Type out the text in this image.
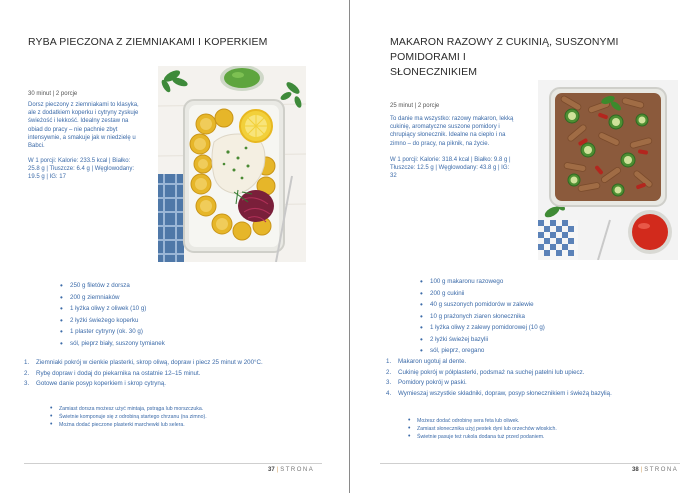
RYBA PIECZONA Z ZIEMNIAKAMI I KOPERKIEM
30 minut | 2 porcje
Dorsz pieczony z ziemniakami to klasyka,
ale z dodatkiem koperku i cytryny zyskuje
świeżość i lekkość. Idealny zestaw na
obiad do pracy – nie pachnie zbyt
intensywnie, a smakuje jak w niedzielę u
Babci.
W 1 porcji: Kalorie: 233.5 kcal | Białko:
25.8 g | Tłuszcze: 6.4 g | Węglowodany:
19.5 g | IG: 17
• 250 g filetów z dorsza
• 200 g ziemniaków
• 1 łyżka oliwy z oliwek (10 g)
• 2 łyżki świeżego koperku
• 1 plaster cytryny (ok. 30 g)
• sól, pieprz biały, suszony tymianek
1. Ziemniaki pokrój w cienkie plasterki, skrop oliwą, dopraw i piecz 25 minut w 200°C.
2. Rybę dopraw i dodaj do piekarnika na ostatnie 12–15 minut.
3. Gotowe danie posyp koperkiem i skrop cytryną.
• Zamiast dorsza możesz użyć mintaja, pstrąga lub morszczuka.
• Świetnie komponuje się z odrobiną startego chrzanu (na zimno).
• Można dodać pieczone plasterki marchewki lub selera.
37 | STRONA
MAKARON RAZOWY Z CUKINIĄ, SUSZONYMI POMIDORAMI I
SŁONECZNIKIEM
25 minut | 2 porcje
To danie ma wszystko: razowy makaron, lekką
cukinię, aromatyczne suszone pomidory i
chrupiący słonecznik. Idealne na ciepło i na
zimno – do pracy, na piknik, na życie.
W 1 porcji: Kalorie: 318.4 kcal | Białko: 9.8 g |
Tłuszcze: 12.5 g | Węglowodany: 43.8 g | IG:
32
• 100 g makaronu razowego
• 200 g cukinii
• 40 g suszonych pomidorów w zalewie
• 10 g prażonych ziaren słonecznika
• 1 łyżka oliwy z zalewy pomidorowej (10 g)
• 2 łyżki świeżej bazylii
• sól, pieprz, oregano
1. Makaron ugotuj al dente.
2. Cukinię pokrój w półplasterki, podsmaż na suchej patelni lub upiecz.
3. Pomidory pokrój w paski.
4. Wymieszaj wszystkie składniki, dopraw, posyp słonecznikiem i świeżą bazylią.
• Możesz dodać odrobinę sera feta lub oliwek.
• Zamiast słonecznika użyj pestek dyni lub orzechów włoskich.
• Świetnie pasuje też rukola dodana tuż przed podaniem.
38 | STRONA
